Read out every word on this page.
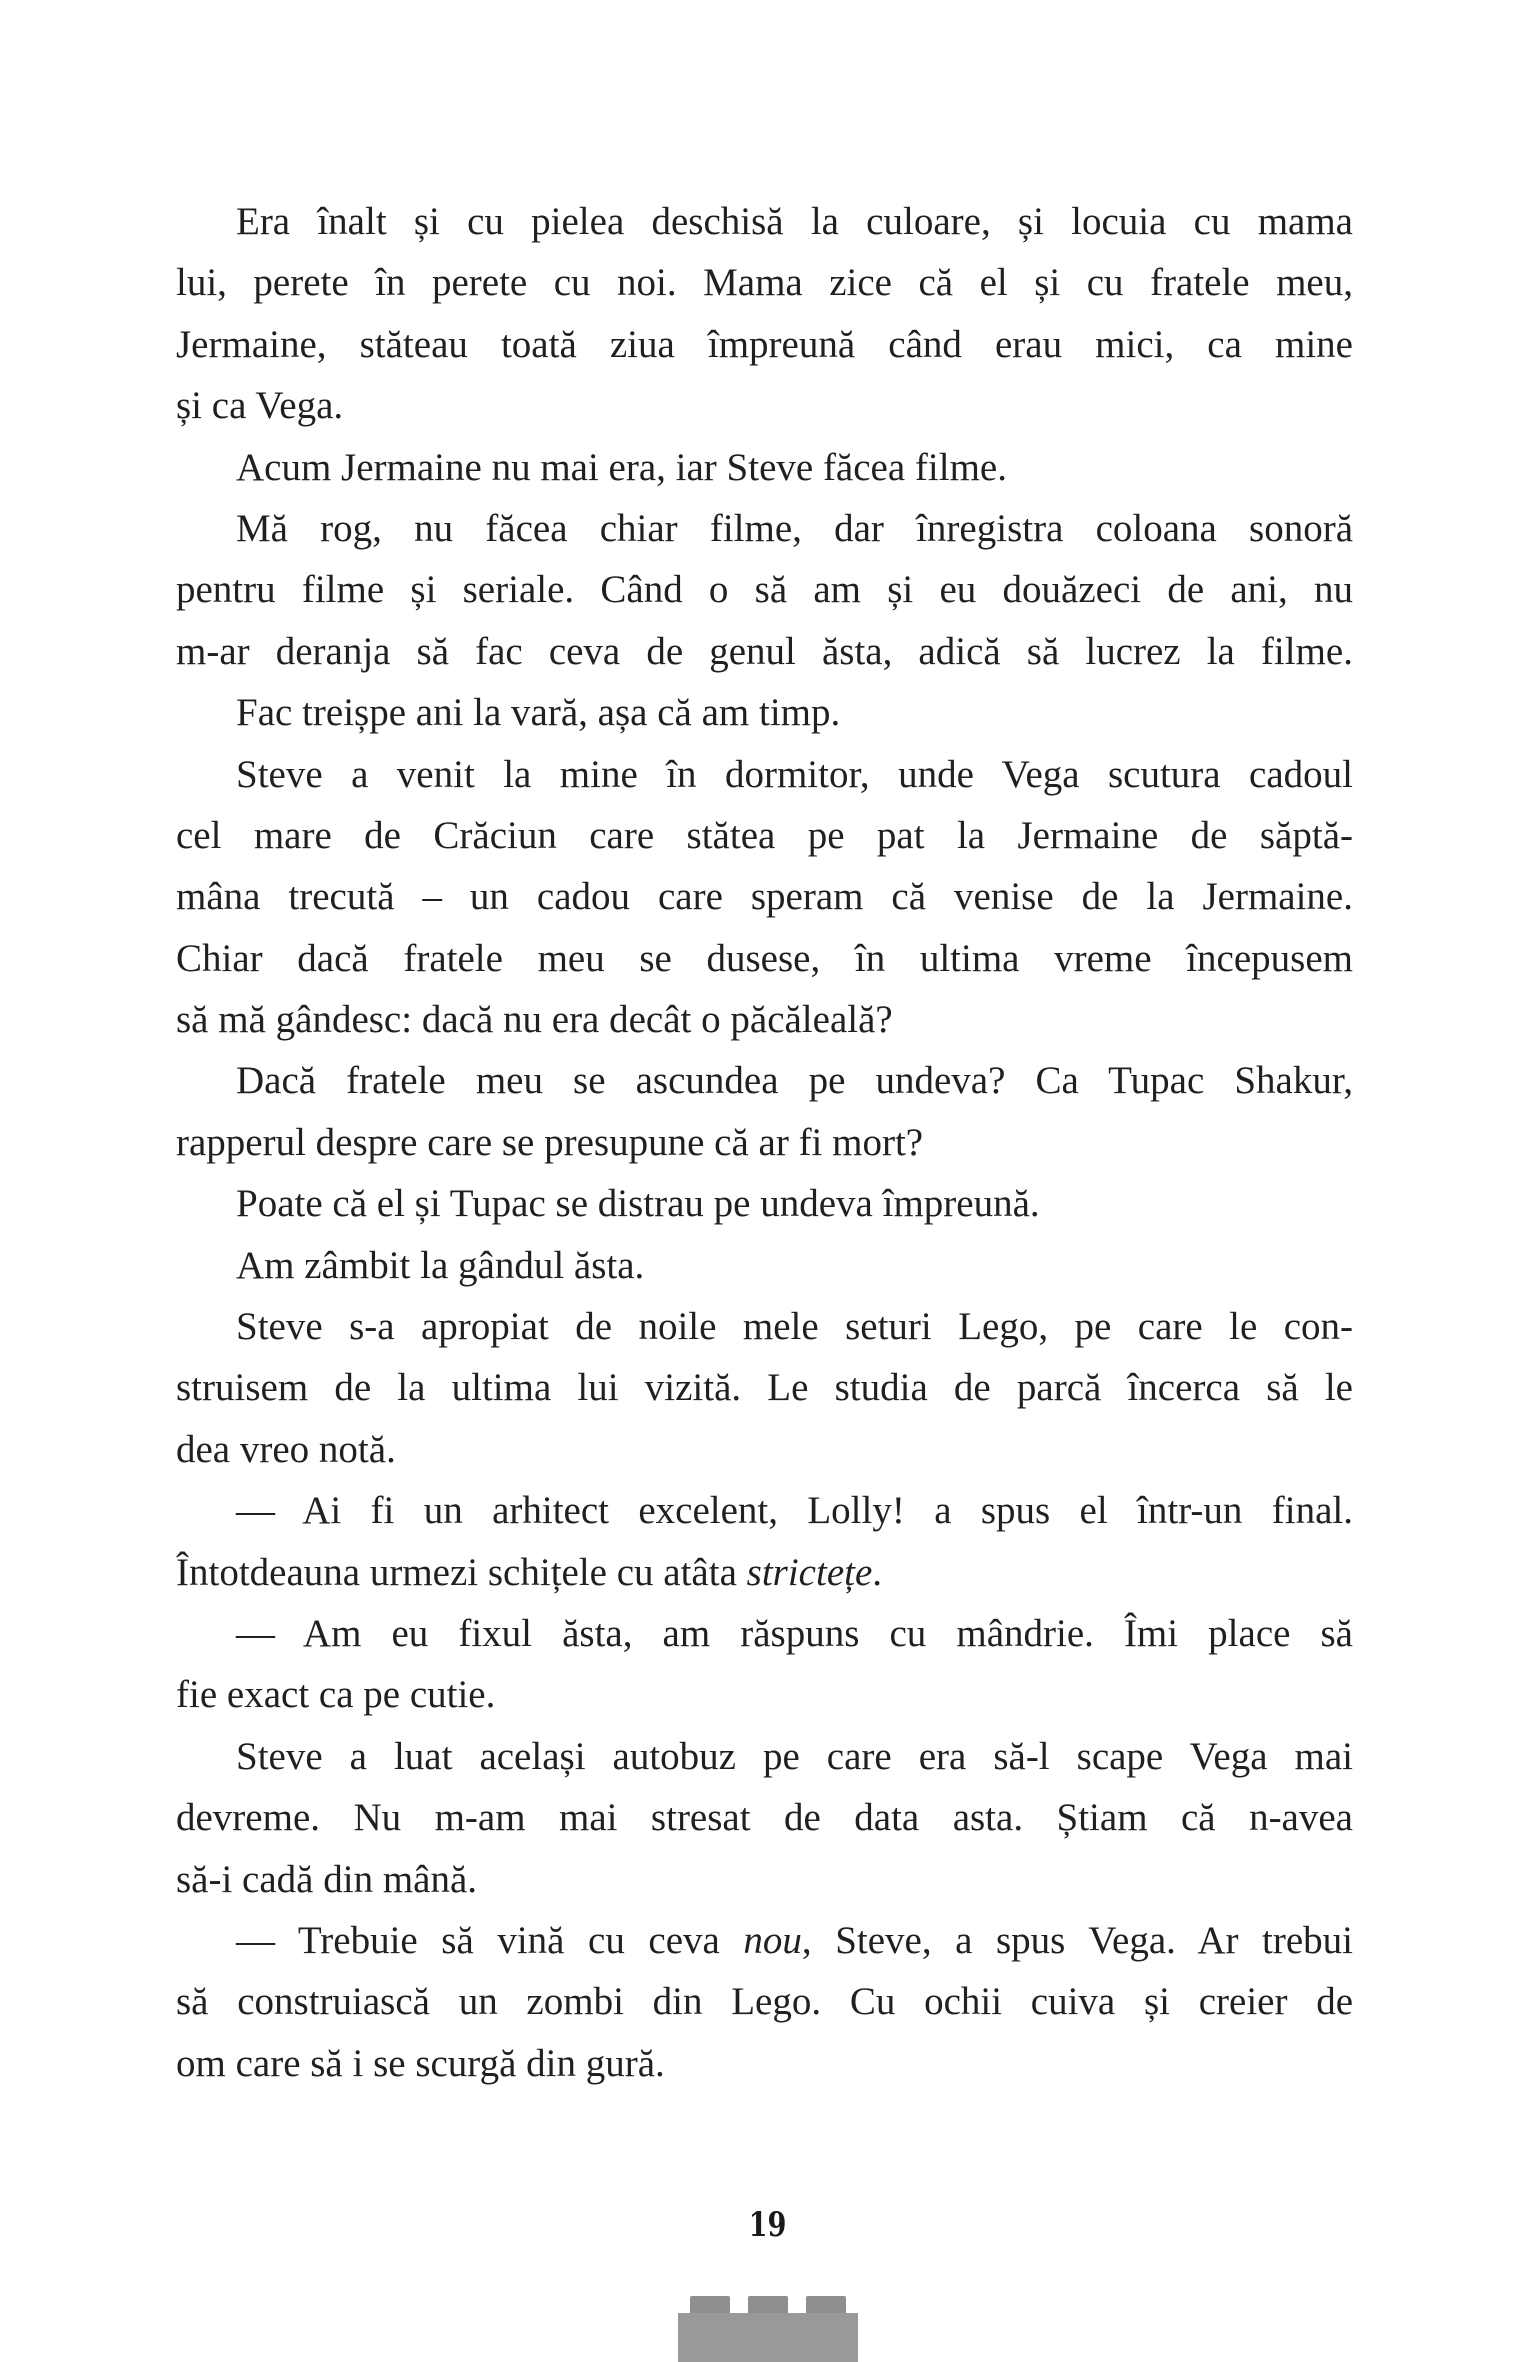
Era înalt și cu pielea deschisă la culoare, și locuia cu mama
lui, perete în perete cu noi. Mama zice că el și cu fratele meu,
Jermaine, stăteau toată ziua împreună când erau mici, ca mine
și ca Vega.
Acum Jermaine nu mai era, iar Steve făcea filme.
Mă rog, nu făcea chiar filme, dar înregistra coloana sonoră
pentru filme și seriale. Când o să am și eu douăzeci de ani, nu
m-ar deranja să fac ceva de genul ăsta, adică să lucrez la filme.
Fac treișpe ani la vară, așa că am timp.
Steve a venit la mine în dormitor, unde Vega scutura cadoul
cel mare de Crăciun care stătea pe pat la Jermaine de săptă-
mâna trecută – un cadou care speram că venise de la Jermaine.
Chiar dacă fratele meu se dusese, în ultima vreme începusem
să mă gândesc: dacă nu era decât o păcăleală?
Dacă fratele meu se ascundea pe undeva? Ca Tupac Shakur,
rapperul despre care se presupune că ar fi mort?
Poate că el și Tupac se distrau pe undeva împreună.
Am zâmbit la gândul ăsta.
Steve s-a apropiat de noile mele seturi Lego, pe care le con-
struisem de la ultima lui vizită. Le studia de parcă încerca să le
dea vreo notă.
— Ai fi un arhitect excelent, Lolly! a spus el într-un final.
Întotdeauna urmezi schițele cu atâta strictețe.
— Am eu fixul ăsta, am răspuns cu mândrie. Îmi place să
fie exact ca pe cutie.
Steve a luat același autobuz pe care era să-l scape Vega mai
devreme. Nu m-am mai stresat de data asta. Știam că n-avea
să-i cadă din mână.
— Trebuie să vină cu ceva nou, Steve, a spus Vega. Ar trebui
să construiască un zombi din Lego. Cu ochii cuiva și creier de
om care să i se scurgă din gură.
19
